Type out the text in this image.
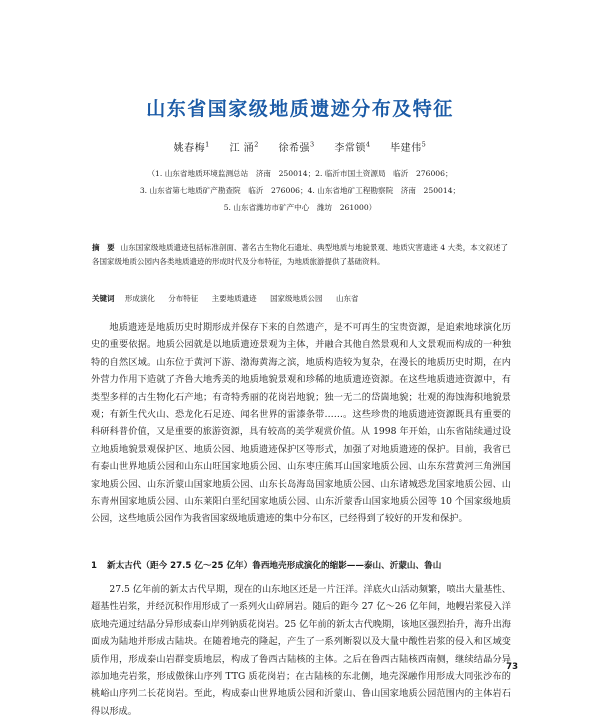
山东省国家级地质遗迹分布及特征
姚春梅$^1$ 江 涌$^2$ 徐希强$^3$ 李常锁$^4$ 毕建伟$^5$
（1. 山东省地质环境监测总站　济南　250014；2. 临沂市国土资源局　临沂　276006；
3. 山东省第七地质矿产勘查院　临沂　276006；4. 山东省地矿工程勘察院　济南　250014；
5. 山东省潍坊市矿产中心　潍坊　261000）
摘　要 山东国家级地质遗迹包括标准剖面、著名古生物化石遗址、典型地质与地貌景观、地质灾害遗迹 4 大类，本文叙述了各国家级地质公园内各类地质遗迹的形成时代及分布特征，为地质旅游提供了基础资料。
关键词 形成演化 分布特征 主要地质遗迹 国家级地质公园 山东省
地质遗迹是地质历史时期形成并保存下来的自然遗产，是不可再生的宝贵资源，是追索地球演化历史的重要依据。地质公园就是以地质遗迹景观为主体，并融合其他自然景观和人文景观而构成的一种独特的自然区域。山东位于黄河下游、渤海黄海之滨，地质构造较为复杂，在漫长的地质历史时期，在内外营力作用下造就了齐鲁大地秀美的地质地貌景观和珍稀的地质遗迹资源。在这些地质遗迹资源中，有类型多样的古生物化石产地；有奇特秀丽的花岗岩地貌；独一无二的岱崮地貌；壮观的海蚀海积地貌景观；有新生代火山、恐龙化石足迹、闻名世界的雷漆条带……。这些珍贵的地质遗迹资源既具有重要的科研科普价值，又是重要的旅游资源，具有较高的美学观赏价值。从 1998 年开始，山东省陆续通过设立地质地貌景观保护区、地质公园、地质遗迹保护区等形式，加强了对地质遗迹的保护。目前，我省已有泰山世界地质公园和山东山旺国家地质公园、山东枣庄熊耳山国家地质公园、山东东营黄河三角洲国家地质公园、山东沂蒙山国家地质公园、山东长岛海岛国家地质公园、山东诸城恐龙国家地质公园、山东青州国家地质公园、山东莱阳白垩纪国家地质公园、山东沂蒙香山国家地质公园等 10 个国家级地质公园，这些地质公园作为我省国家级地质遗迹的集中分布区，已经得到了较好的开发和保护。
1 新太古代（距今 27.5 亿～25 亿年）鲁西地壳形成演化的缩影——泰山、沂蒙山、鲁山
27.5 亿年前的新太古代早期，现在的山东地区还是一片汪洋。洋底火山活动频繁，喷出大量基性、超基性岩浆，并经沉积作用形成了一系列火山碎屑岩。随后的距今 27 亿～26 亿年间，地幔岩浆侵入洋底地壳通过结晶分异形成泰山岸列钠质花岗岩。25 亿年前的新太古代晚期，该地区强烈抬升，海升出海面成为陆地并形成古陆块。在随着地壳的隆起，产生了一系列断裂以及大量中酸性岩浆的侵入和区域变质作用，形成泰山岩群变质地层，构成了鲁西古陆核的主体。之后在鲁西古陆核西南侧，继续结晶分异添加地壳岩浆，形成傲徕山序列 TTG 质花岗岩；在古陆核的东北侧，地壳深融作用形成大同张沙布的桃峪山序列二长花岗岩。至此，构成泰山世界地质公园和沂蒙山、鲁山国家地质公园范围内的主体岩石得以形成。
73
